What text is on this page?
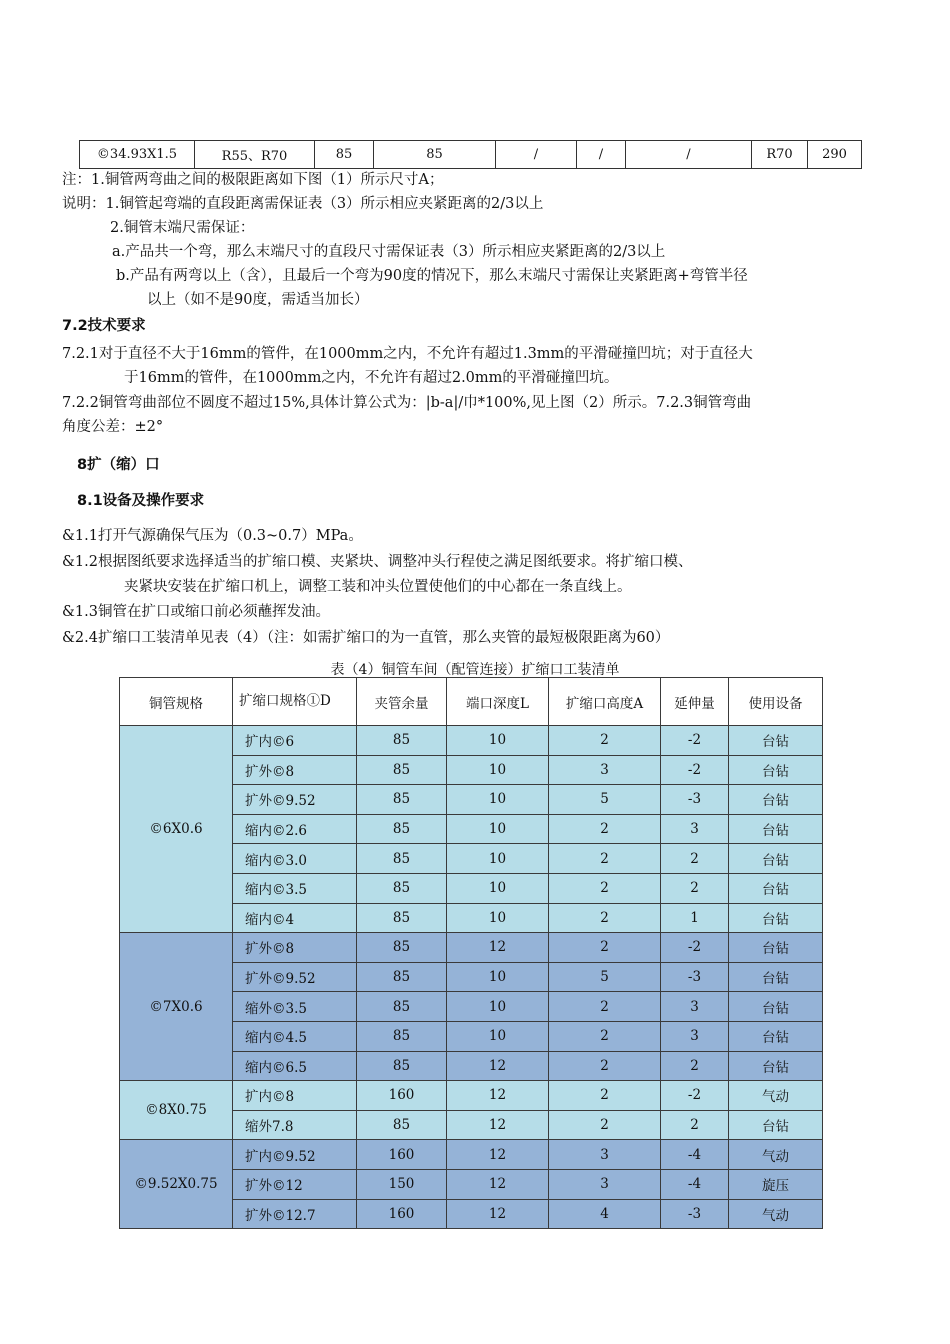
©34.93X1.5	R55、R70	85	85	/	/	/	R70	290
注：1.铜管两弯曲之间的极限距离如下图（1）所示尺寸A；
说明：1.铜管起弯端的直段距离需保证表（3）所示相应夹紧距离的2/3以上
2.铜管末端尺需保证：
a.产品共一个弯，那么末端尺寸的直段尺寸需保证表（3）所示相应夹紧距离的2/3以上
b.产品有两弯以上（含），且最后一个弯为90度的情况下，那么末端尺寸需保让夹紧距离+弯管半径
以上（如不是90度，需适当加长）
7.2技术要求
7.2.1对于直径不大于16mm的管件，在1000mm之内，不允许有超过1.3mm的平滑碰撞凹坑；对于直径大
于16mm的管件，在1000mm之内，不允许有超过2.0mm的平滑碰撞凹坑。
7.2.2铜管弯曲部位不圆度不超过15%,具体计算公式为：|b-a|/巾*100%,见上图（2）所示。7.2.3铜管弯曲
角度公差：±2°
8扩（缩）口
8.1设备及操作要求
&1.1打开气源确保气压为（0.3~0.7）MPa。
&1.2根据图纸要求选择适当的扩缩口模、夹紧块、调整冲头行程使之满足图纸要求。将扩缩口模、
夹紧块安装在扩缩口机上，调整工装和冲头位置使他们的中心都在一条直线上。
&1.3铜管在扩口或缩口前必须蘸挥发油。
&2.4扩缩口工装清单见表（4）（注：如需扩缩口的为一直管，那么夹管的最短极限距离为60）
表（4）铜管车间（配管连接）扩缩口工装清单
铜管规格	扩缩口规格①D	夹管余量	端口深度L	扩缩口高度A	延伸量	使用设备
©6X0.6	扩内©6	85	10	2	-2	台钻
	扩外©8	85	10	3	-2	台钻
	扩外©9.52	85	10	5	-3	台钻
	缩内©2.6	85	10	2	3	台钻
	缩内©3.0	85	10	2	2	台钻
	缩内©3.5	85	10	2	2	台钻
	缩内©4	85	10	2	1	台钻
©7X0.6	扩外©8	85	12	2	-2	台钻
	扩外©9.52	85	10	5	-3	台钻
	缩外©3.5	85	10	2	3	台钻
	缩内©4.5	85	10	2	3	台钻
	缩内©6.5	85	12	2	2	台钻
©8X0.75	扩内©8	160	12	2	-2	气动
	缩外7.8	85	12	2	2	台钻
©9.52X0.75	扩内©9.52	160	12	3	-4	气动
	扩外©12	150	12	3	-4	旋压
	扩外©12.7	160	12	4	-3	气动
